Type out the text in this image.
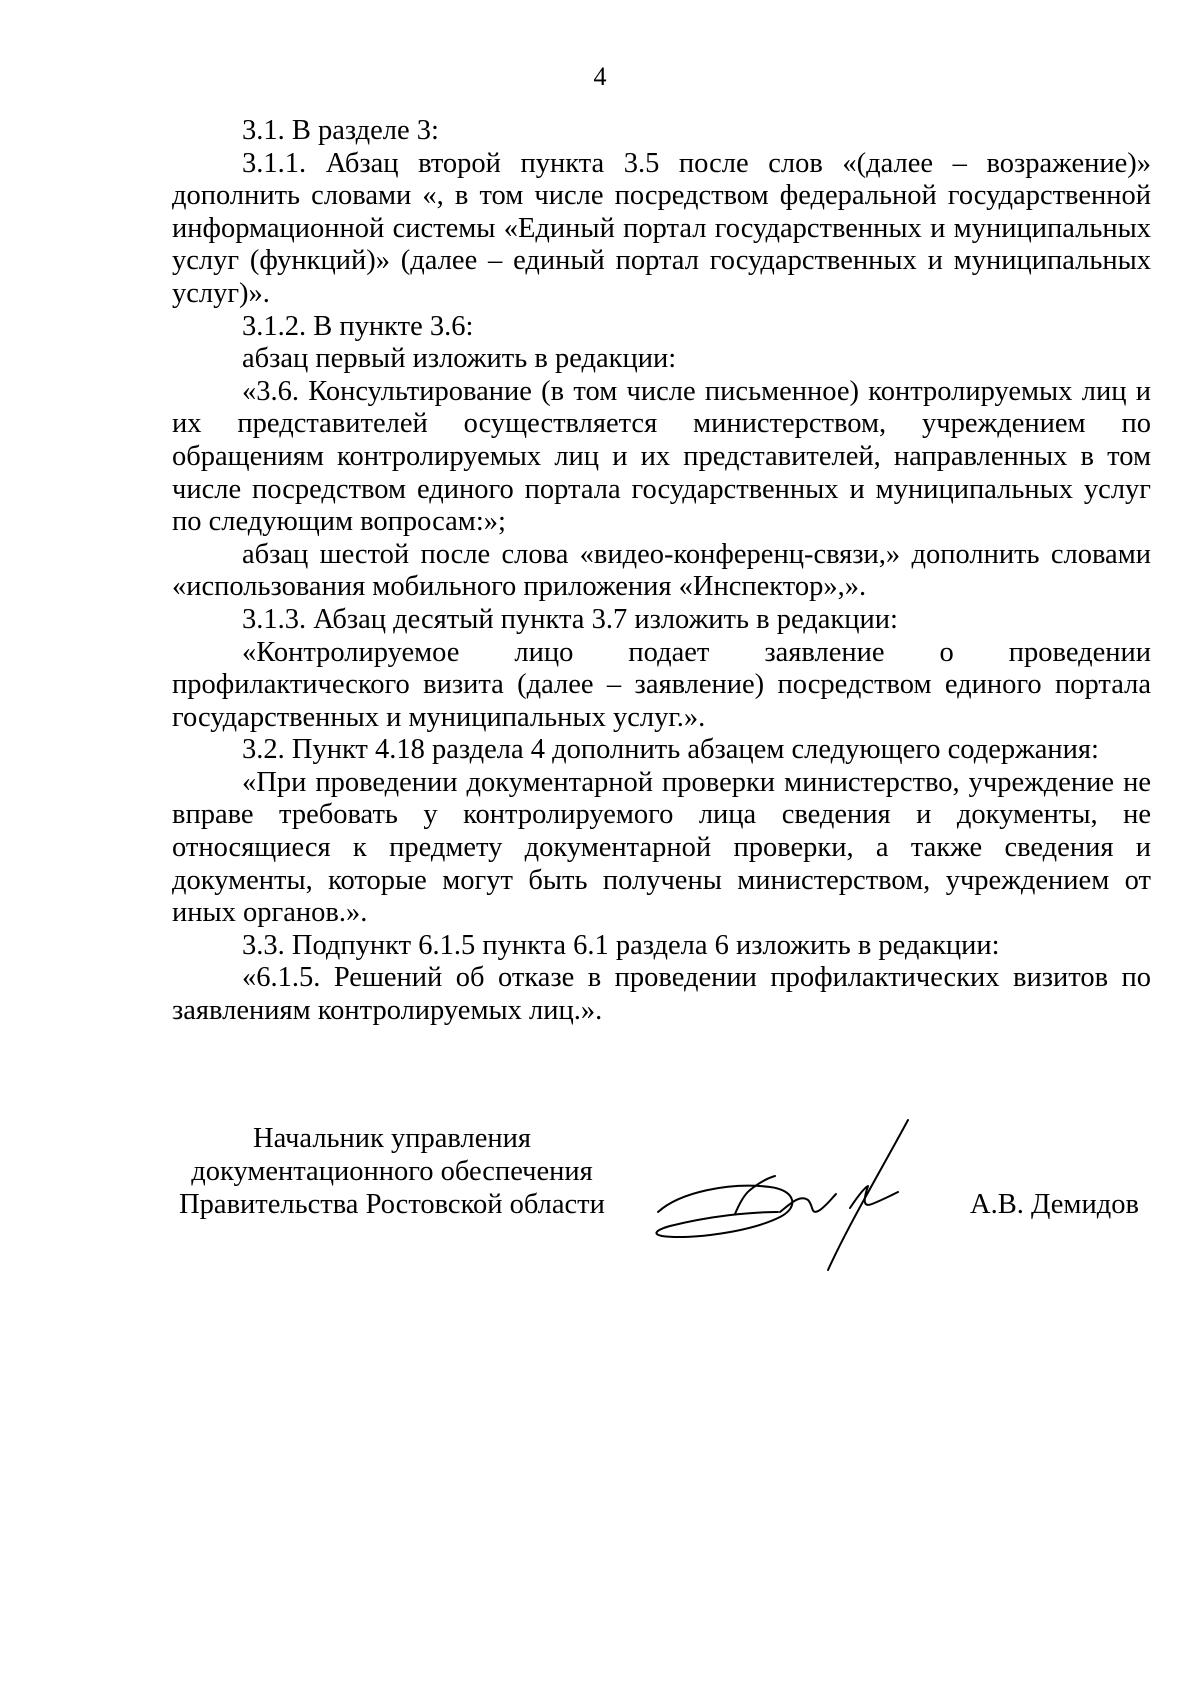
4

3.1. В разделе 3:

3.1.1. Абзац второй пункта 3.5 после слов «(далее – возражение)» дополнить словами «, в том числе посредством федеральной государственной информационной системы «Единый портал государственных и муниципальных услуг (функций)» (далее – единый портал государственных и муниципальных услуг)».

3.1.2. В пункте 3.6:

абзац первый изложить в редакции:

«3.6. Консультирование (в том числе письменное) контролируемых лиц и их представителей осуществляется министерством, учреждением по обращениям контролируемых лиц и их представителей, направленных в том числе посредством единого портала государственных и муниципальных услуг по следующим вопросам:»;

абзац шестой после слова «видео-конференц-связи,» дополнить словами «использования мобильного приложения «Инспектор»,».

3.1.3. Абзац десятый пункта 3.7 изложить в редакции:

«Контролируемое лицо подает заявление о проведении профилактического визита (далее – заявление) посредством единого портала государственных и муниципальных услуг.».

3.2. Пункт 4.18 раздела 4 дополнить абзацем следующего содержания:

«При проведении документарной проверки министерство, учреждение не вправе требовать у контролируемого лица сведения и документы, не относящиеся к предмету документарной проверки, а также сведения и документы, которые могут быть получены министерством, учреждением от иных органов.».

3.3. Подпункт 6.1.5 пункта 6.1 раздела 6 изложить в редакции:

«6.1.5. Решений об отказе в проведении профилактических визитов по заявлениям контролируемых лиц.».

Начальник управления
документационного обеспечения
Правительства Ростовской области	А.В. Демидов
